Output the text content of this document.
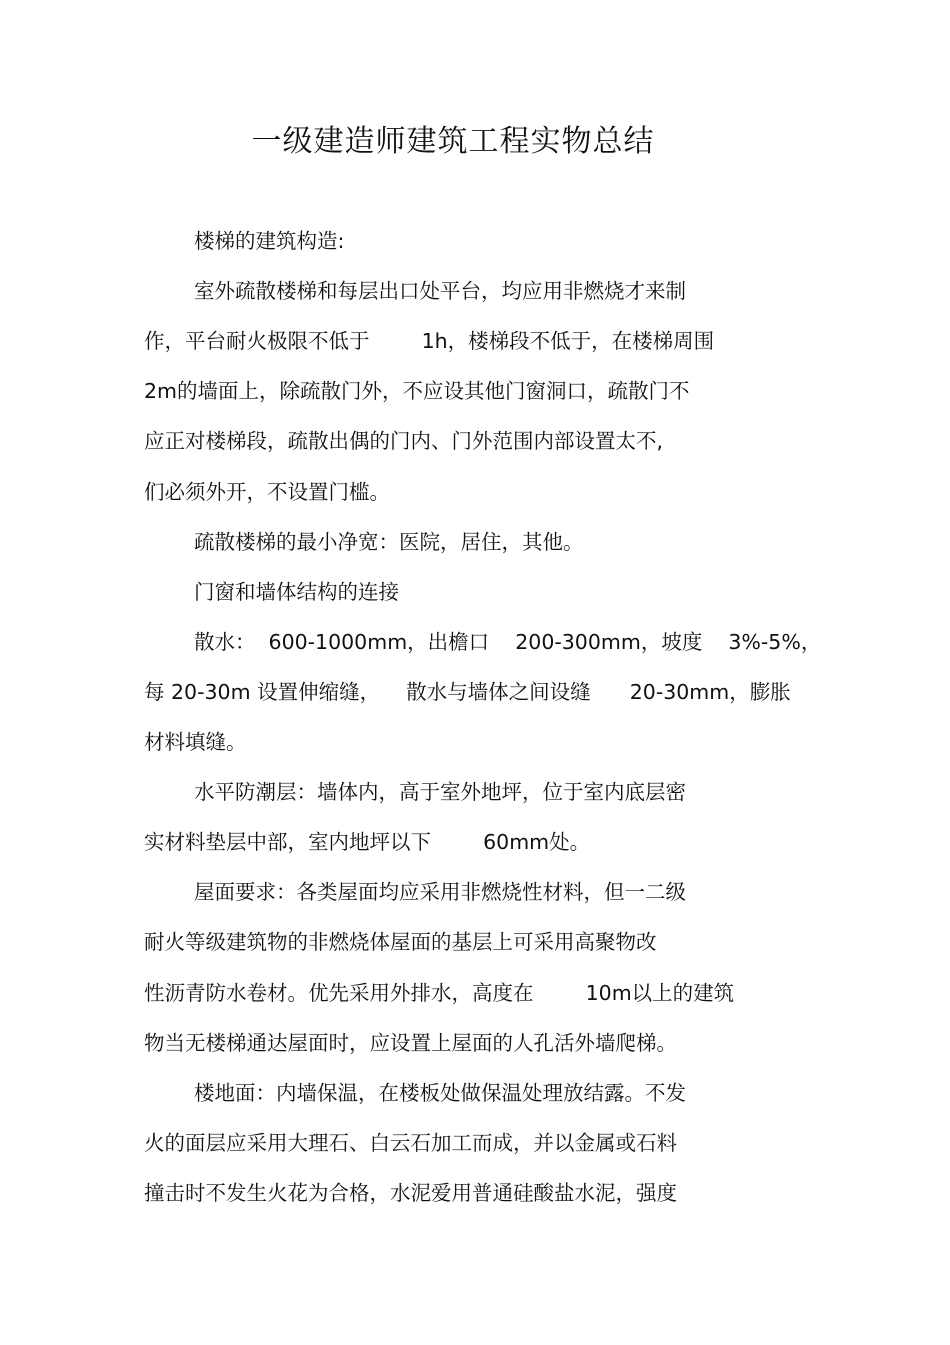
一级建造师建筑工程实物总结
楼梯的建筑构造:
室外疏散楼梯和每层出口处平台，均应用非燃烧才来制
作，平台耐火极限不低于        1h，楼梯段不低于，在楼梯周围
2m的墙面上，除疏散门外，不应设其他门窗洞口，疏散门不
应正对楼梯段，疏散出偶的门内、门外范围内部设置太不,
们必须外开，不设置门槛。
疏散楼梯的最小净宽：医院，居住，其他。
门窗和墙体结构的连接
散水：  600-1000mm，出檐口    200-300mm，坡度    3%-5%，
每 20-30m 设置伸缩缝，    散水与墙体之间设缝      20-30mm，膨胀
材料填缝。
水平防潮层：墙体内，高于室外地坪，位于室内底层密
实材料垫层中部，室内地坪以下        60mm处。
屋面要求：各类屋面均应采用非燃烧性材料，但一二级
耐火等级建筑物的非燃烧体屋面的基层上可采用高聚物改
性沥青防水卷材。优先采用外排水，高度在        10m以上的建筑
物当无楼梯通达屋面时，应设置上屋面的人孔活外墙爬梯。
楼地面：内墙保温，在楼板处做保温处理放结露。不发
火的面层应采用大理石、白云石加工而成，并以金属或石料
撞击时不发生火花为合格，水泥爱用普通硅酸盐水泥，强度
